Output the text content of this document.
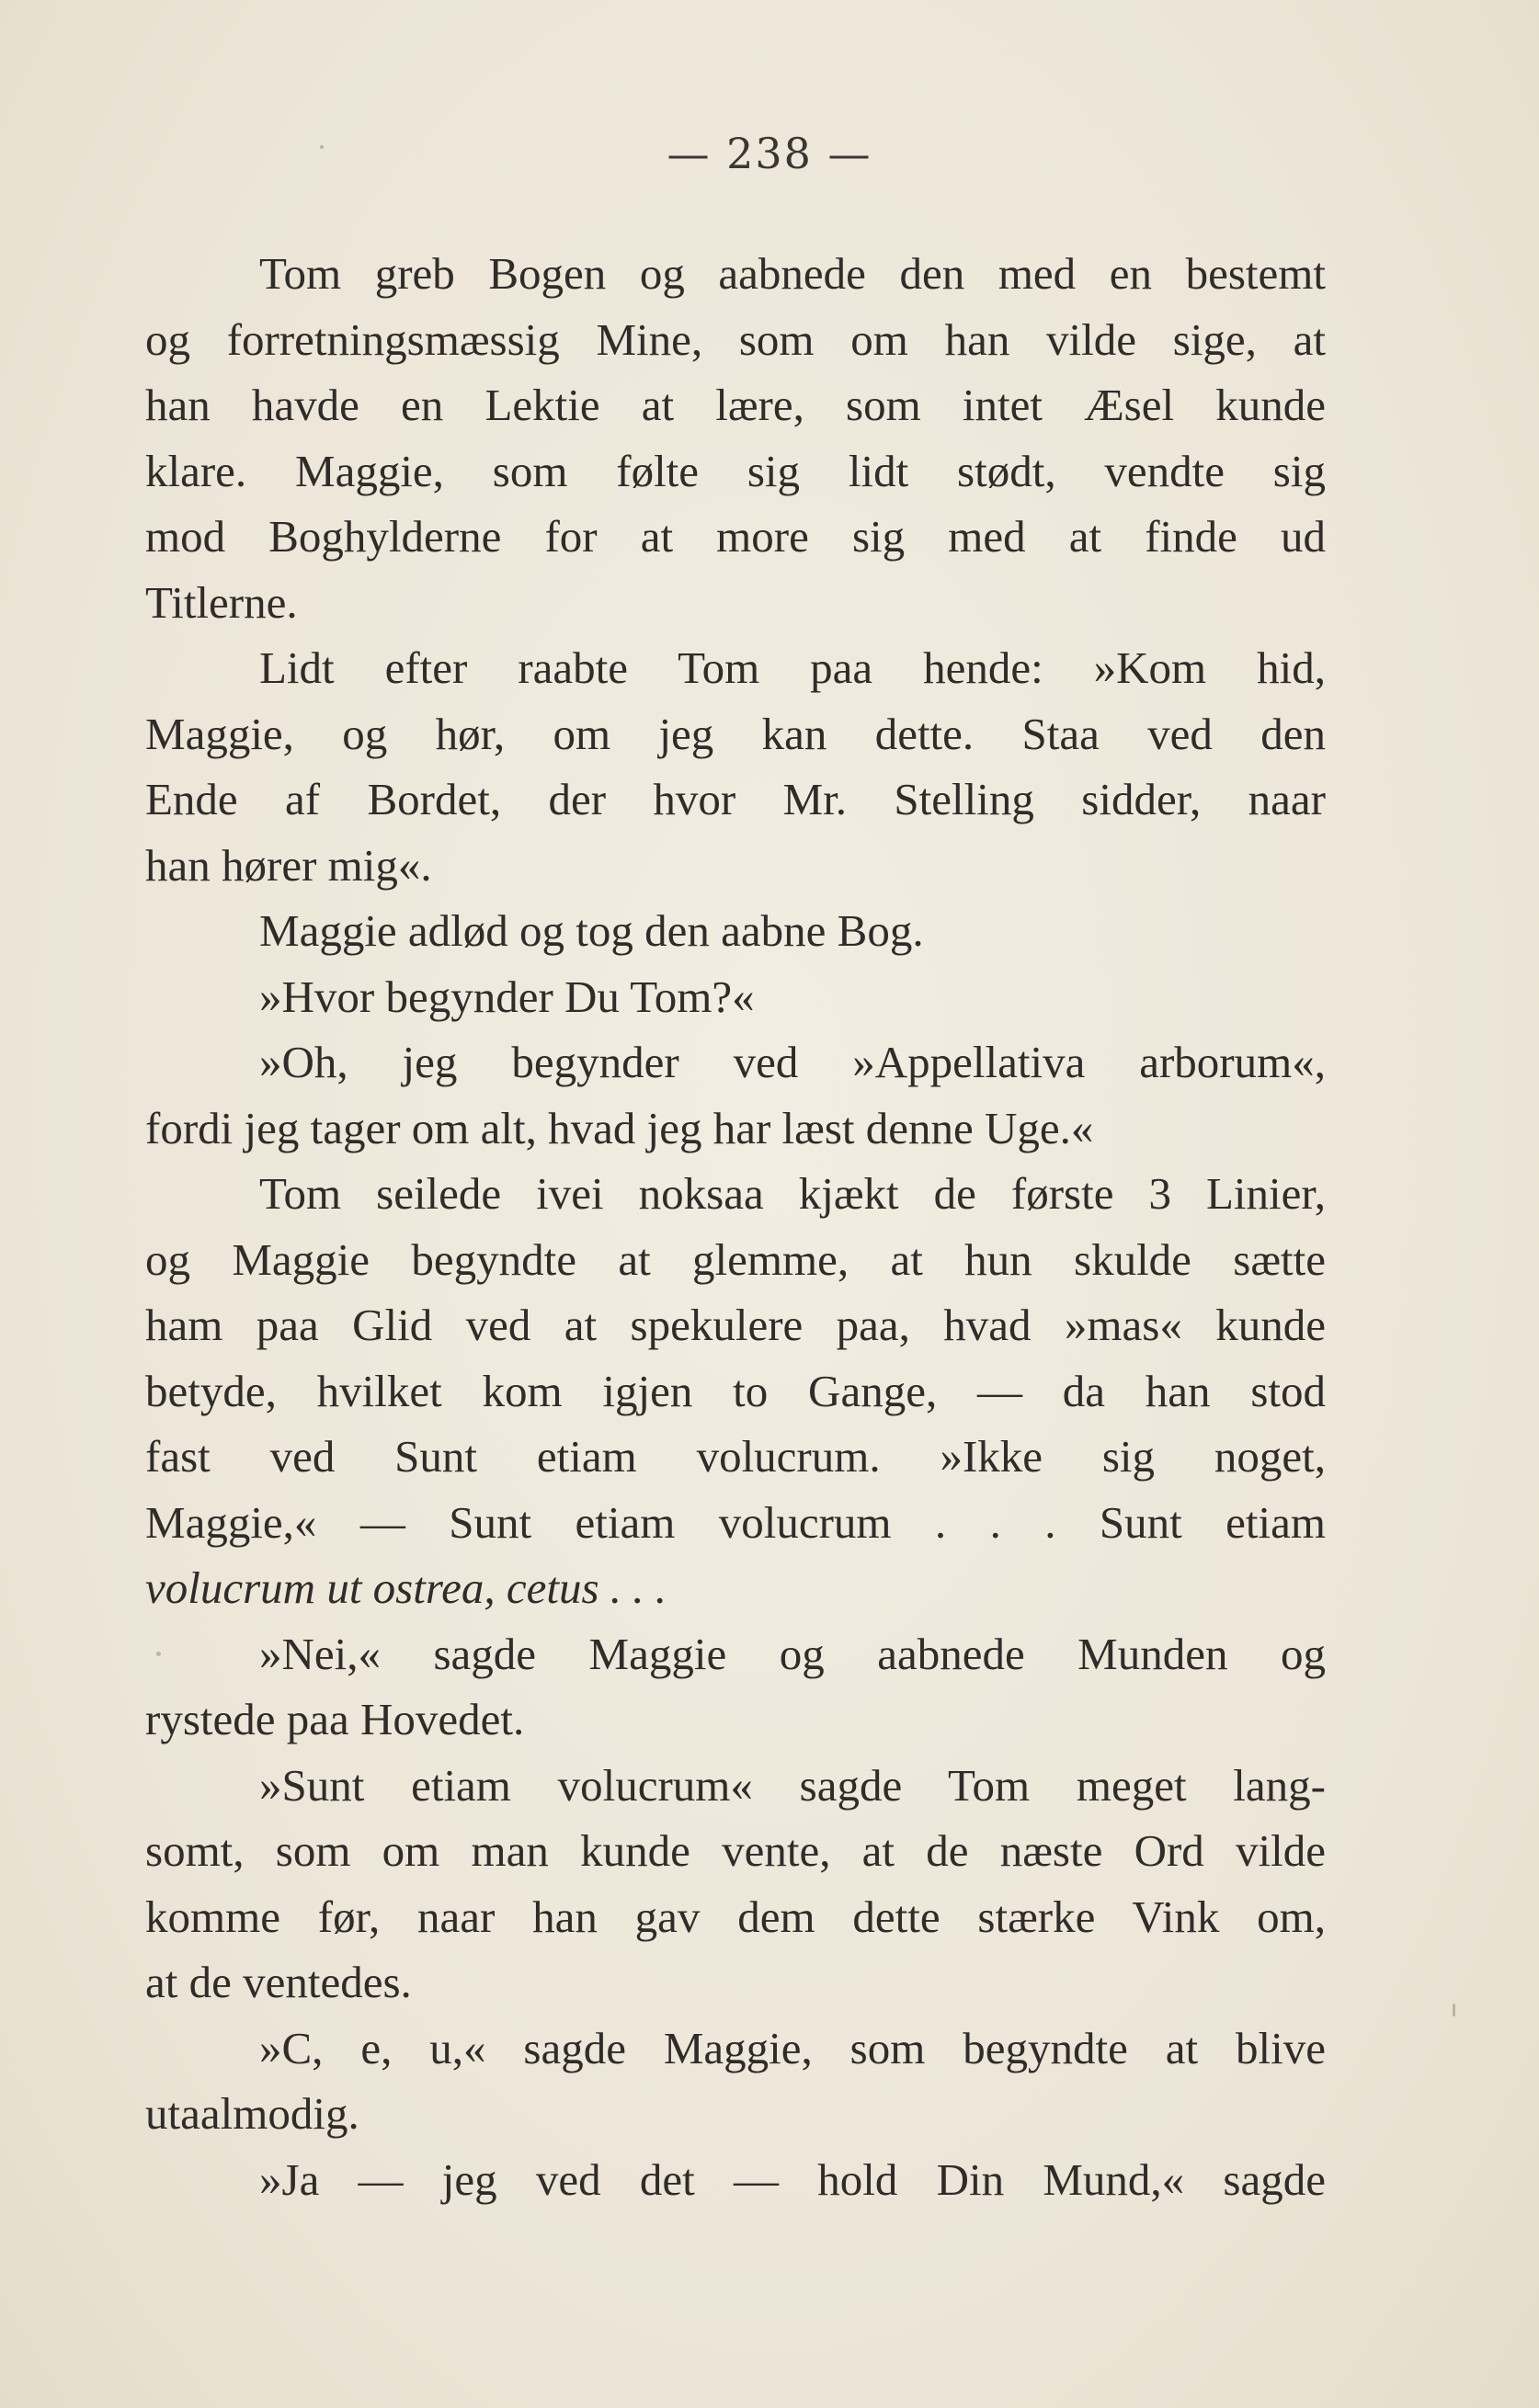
— 238 —
Tom greb Bogen og aabnede den med en bestemt
og forretningsmæssig Mine, som om han vilde sige, at
han havde en Lektie at lære, som intet Æsel kunde
klare. Maggie, som følte sig lidt stødt, vendte sig
mod Boghylderne for at more sig med at finde ud
Titlerne.
Lidt efter raabte Tom paa hende: »Kom hid,
Maggie, og hør, om jeg kan dette. Staa ved den
Ende af Bordet, der hvor Mr. Stelling sidder, naar
han hører mig«.
Maggie adlød og tog den aabne Bog.
»Hvor begynder Du Tom?«
»Oh, jeg begynder ved »Appellativa arborum«,
fordi jeg tager om alt, hvad jeg har læst denne Uge.«
Tom seilede ivei noksaa kjækt de første 3 Linier,
og Maggie begyndte at glemme, at hun skulde sætte
ham paa Glid ved at spekulere paa, hvad »mas« kunde
betyde, hvilket kom igjen to Gange, — da han stod
fast ved Sunt etiam volucrum. »Ikke sig noget,
Maggie,« — Sunt etiam volucrum . . . Sunt etiam
volucrum ut ostrea, cetus . . .
»Nei,« sagde Maggie og aabnede Munden og
rystede paa Hovedet.
»Sunt etiam volucrum« sagde Tom meget lang-
somt, som om man kunde vente, at de næste Ord vilde
komme før, naar han gav dem dette stærke Vink om,
at de ventedes.
»C, e, u,« sagde Maggie, som begyndte at blive
utaalmodig.
»Ja — jeg ved det — hold Din Mund,« sagde
